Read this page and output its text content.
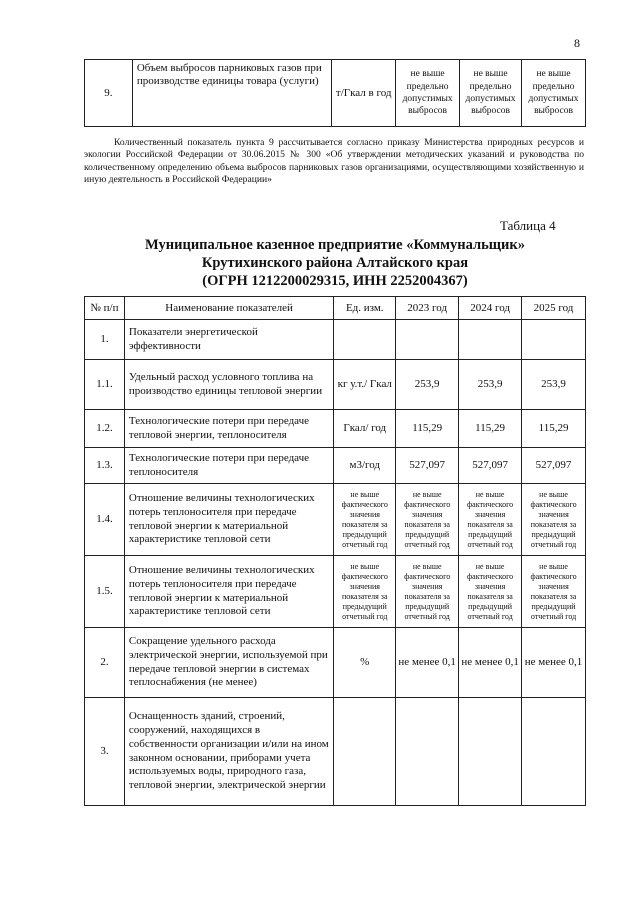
8
9.	Объем выбросов парниковых газов при производстве единицы товара (услуги)	т/Гкал в год	не выше предельно допустимых выбросов	не выше предельно допустимых выбросов	не выше предельно допустимых выбросов
Количественный показатель пункта 9 рассчитывается согласно приказу Министерства природных ресурсов и экологии Российской Федерации от 30.06.2015 № 300 «Об утверждении методических указаний и руководства по количественному определению объема выбросов парниковых газов организациями, осуществляющими хозяйственную и иную деятельность в Российской Федерации»
Таблица 4
Муниципальное казенное предприятие «Коммунальщик»
Крутихинского района Алтайского края
(ОГРН 1212200029315, ИНН 2252004367)
№ п/п	Наименование показателей	Ед. изм.	2023 год	2024 год	2025 год
1.	Показатели энергетической эффективности				
1.1.	Удельный расход условного топлива на производство единицы тепловой энергии	кг у.т./ Гкал	253,9	253,9	253,9
1.2.	Технологические потери при передаче тепловой энергии, теплоносителя	Гкал/ год	115,29	115,29	115,29
1.3.	Технологические потери при передаче теплоносителя	м3/год	527,097	527,097	527,097
1.4.	Отношение величины технологических потерь теплоносителя при передаче тепловой энергии к материальной характеристике тепловой сети	не выше фактического значения показателя за предыдущий отчетный год	не выше фактического значения показателя за предыдущий отчетный год	не выше фактического значения показателя за предыдущий отчетный год	не выше фактического значения показателя за предыдущий отчетный год
1.5.	Отношение величины технологических потерь теплоносителя при передаче тепловой энергии к материальной характеристике тепловой сети	не выше фактического значения показателя за предыдущий отчетный год	не выше фактического значения показателя за предыдущий отчетный год	не выше фактического значения показателя за предыдущий отчетный год	не выше фактического значения показателя за предыдущий отчетный год
2.	Сокращение удельного расхода электрической энергии, используемой при передаче тепловой энергии в системах теплоснабжения (не менее)	%	не менее 0,1	не менее 0,1	не менее 0,1
3.	Оснащенность зданий, строений, сооружений, находящихся в собственности организации и/или на ином законном основании, приборами учета используемых воды, природного газа, тепловой энергии, электрической энергии				
